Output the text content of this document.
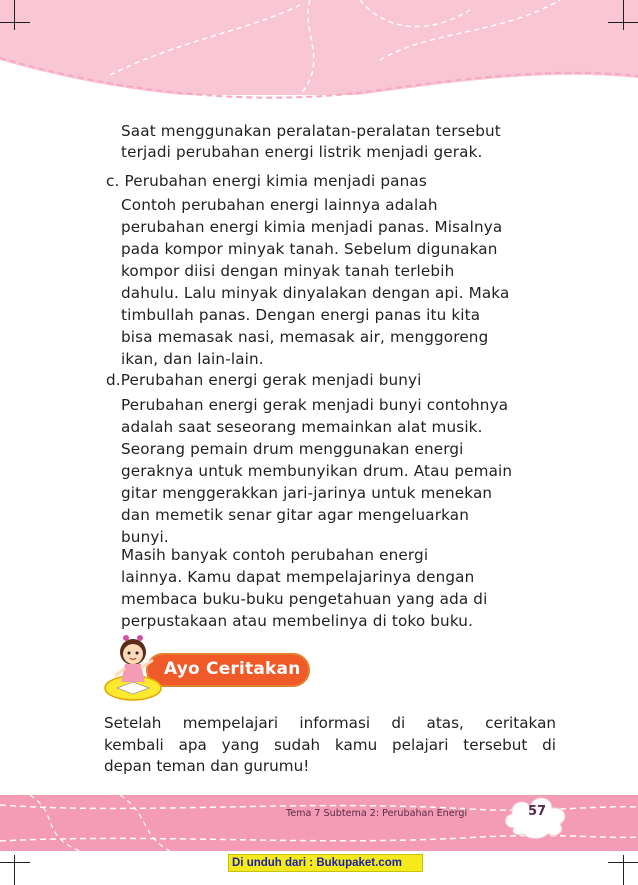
Saat menggunakan peralatan-peralatan tersebut
terjadi perubahan energi listrik menjadi gerak.
c. Perubahan energi kimia menjadi panas
Contoh perubahan energi lainnya adalah
perubahan energi kimia menjadi panas. Misalnya
pada kompor minyak tanah. Sebelum digunakan
kompor diisi dengan minyak tanah terlebih
dahulu. Lalu minyak dinyalakan dengan api. Maka
timbullah panas. Dengan energi panas itu kita
bisa memasak nasi, memasak air, menggoreng
ikan, dan lain-lain.
d.Perubahan energi gerak menjadi bunyi
Perubahan energi gerak menjadi bunyi contohnya
adalah saat seseorang memainkan alat musik.
Seorang pemain drum menggunakan energi
geraknya untuk membunyikan drum. Atau pemain
gitar menggerakkan jari-jarinya untuk menekan
dan memetik senar gitar agar mengeluarkan
bunyi.
Masih banyak contoh perubahan energi
lainnya. Kamu dapat mempelajarinya dengan
membaca buku-buku pengetahuan yang ada di
perpustakaan atau membelinya di toko buku.
Ayo Ceritakan
Setelah mempelajari informasi di atas, ceritakan
kembali apa yang sudah kamu pelajari tersebut di
depan teman dan gurumu!
Tema 7 Subtema 2: Perubahan Energi	57
Di unduh dari : Bukupaket.com
